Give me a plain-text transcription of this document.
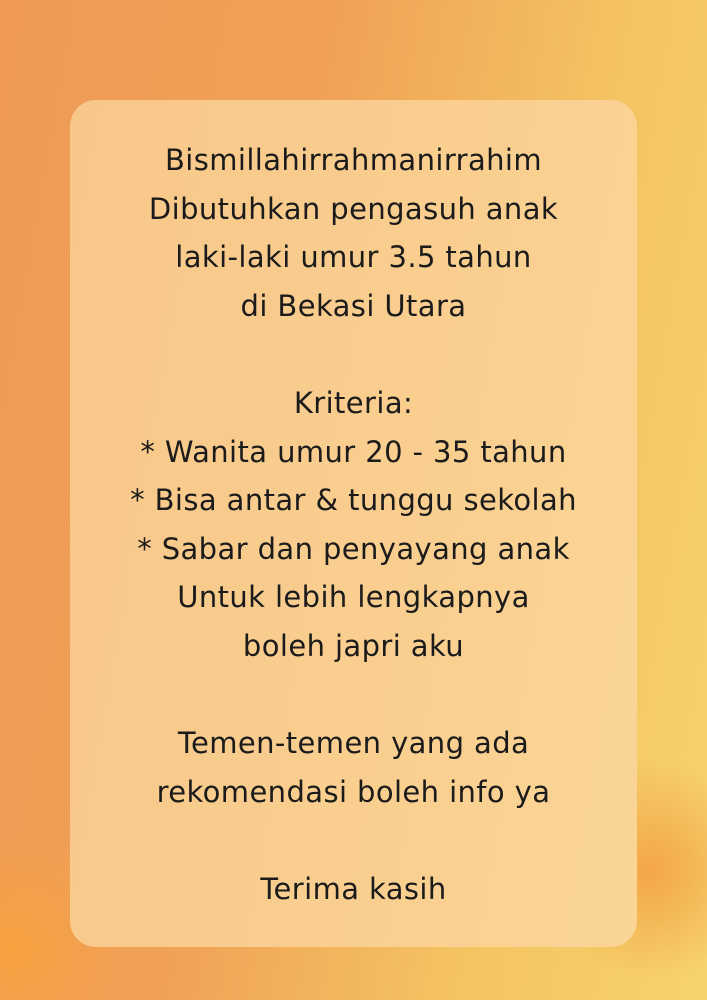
Bismillahirrahmanirrahim
Dibutuhkan pengasuh anak
laki-laki umur 3.5 tahun
di Bekasi Utara
Kriteria:
* Wanita umur 20 - 35 tahun
* Bisa antar & tunggu sekolah
* Sabar dan penyayang anak
Untuk lebih lengkapnya
boleh japri aku
Temen-temen yang ada
rekomendasi boleh info ya
Terima kasih
